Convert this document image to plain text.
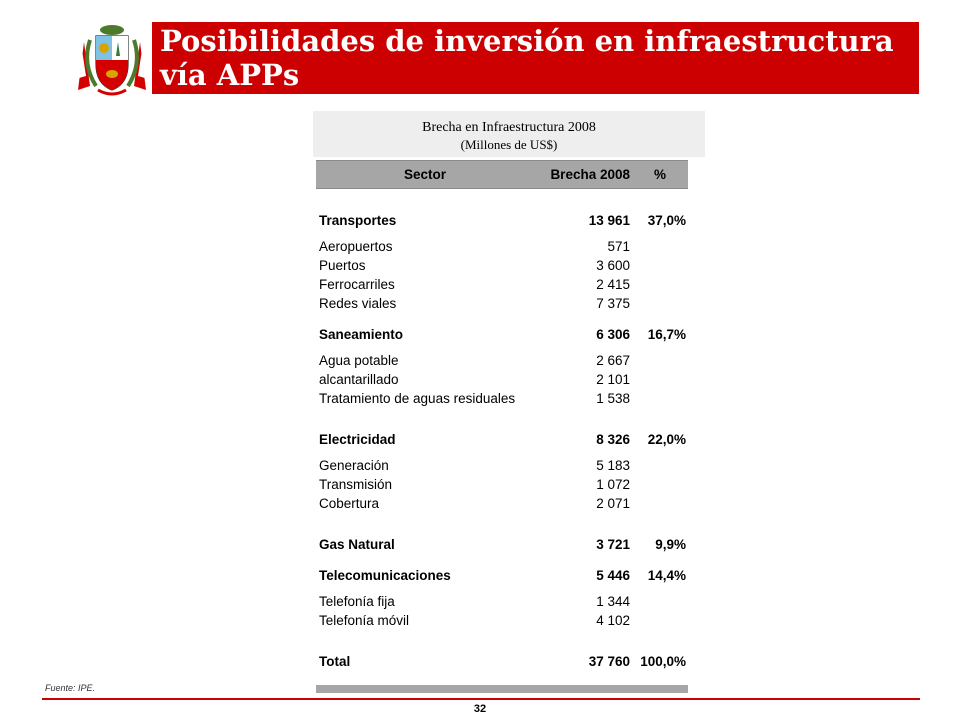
Posibilidades de inversión en infraestructura vía APPs
Brecha en Infraestructura 2008
(Millones de US$)
Sector	Brecha 2008 %
Transportes	13 961 37,0%
Aeropuertos	571
Puertos	3 600
Ferrocarriles	2 415
Redes viales	7 375
Saneamiento	6 306 16,7%
Agua potable	2 667
alcantarillado	2 101
Tratamiento de aguas residuales	1 538
Electricidad	8 326 22,0%
Generación	5 183
Transmisión	1 072
Cobertura	2 071
Gas Natural	3 721 9,9%
Telecomunicaciones	5 446 14,4%
Telefonía fija	1 344
Telefonía móvil	4 102
Total	37 760 100,0%
Fuente: IPE.
32
